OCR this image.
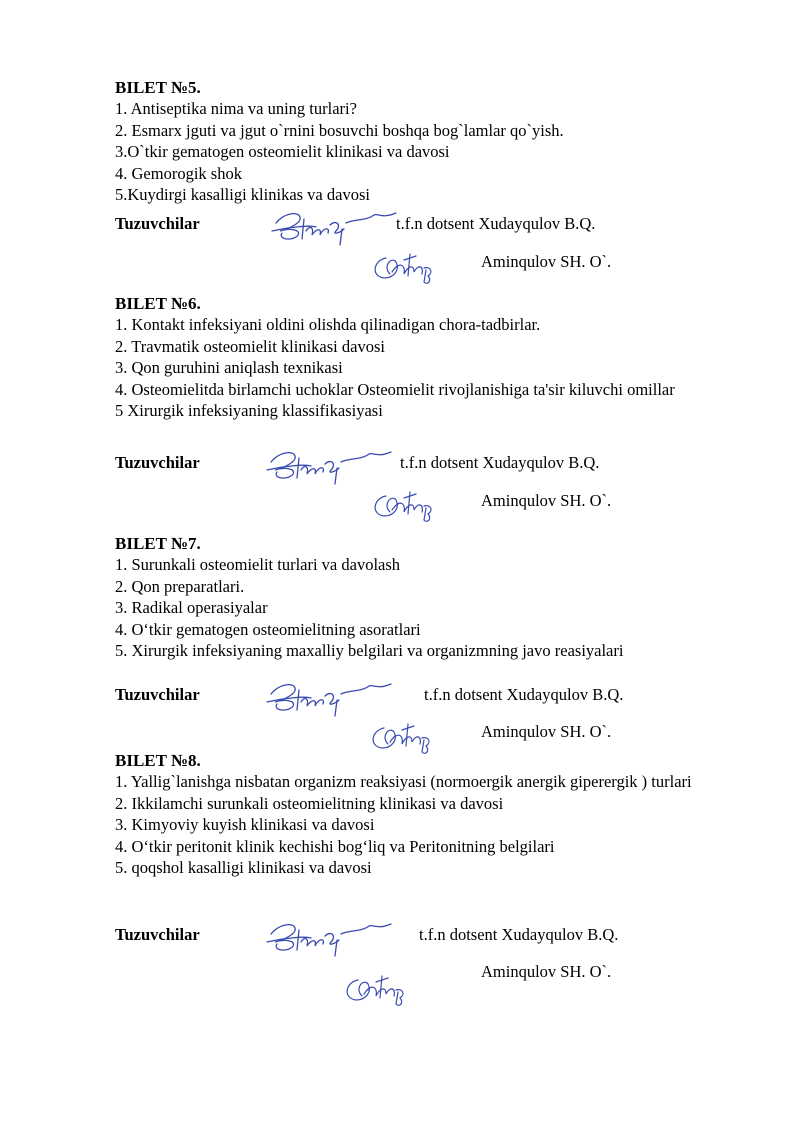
BILET №5.
1. Antiseptika nima va uning turlari?
2. Esmarx jguti va jgut o`rnini bosuvchi boshqa bog`lamlar qo`yish.
3.O`tkir gematogen osteomielit klinikasi va davosi
4. Gemorogik shok
5.Kuydirgi kasalligi klinikas va davosi
Tuzuvchilar	t.f.n dotsent Xudayqulov B.Q.
Aminqulov SH. O`.
BILET №6.
1. Kontakt infeksiyani oldini olishda qilinadigan chora-tadbirlar.
2. Travmatik osteomielit klinikasi davosi
3. Qon guruhini aniqlash texnikasi
4. Osteomielitda birlamchi uchoklar Osteomielit rivojlanishiga ta'sir kiluvchi omillar
5 Xirurgik infeksiyaning klassifikasiyasi
Tuzuvchilar	t.f.n dotsent Xudayqulov B.Q.
Aminqulov SH. O`.
BILET №7.
1. Surunkali osteomielit turlari va davolash
2. Qon preparatlari.
3. Radikal operasiyalar
4. O‘tkir gematogen osteomielitning asoratlari
5. Xirurgik infeksiyaning maxalliy belgilari va organizmning javo reasiyalari
Tuzuvchilar	t.f.n dotsent Xudayqulov B.Q.
Aminqulov SH. O`.
BILET №8.
1. Yallig`lanishga nisbatan organizm reaksiyasi (normoergik anergik giperergik ) turlari
2. Ikkilamchi surunkali osteomielitning klinikasi va davosi
3. Kimyoviy kuyish klinikasi va davosi
4. O‘tkir peritonit klinik kechishi bog‘liq va Peritonitning belgilari
5. qoqshol kasalligi klinikasi va davosi
Tuzuvchilar	t.f.n dotsent Xudayqulov B.Q.
Aminqulov SH. O`.
